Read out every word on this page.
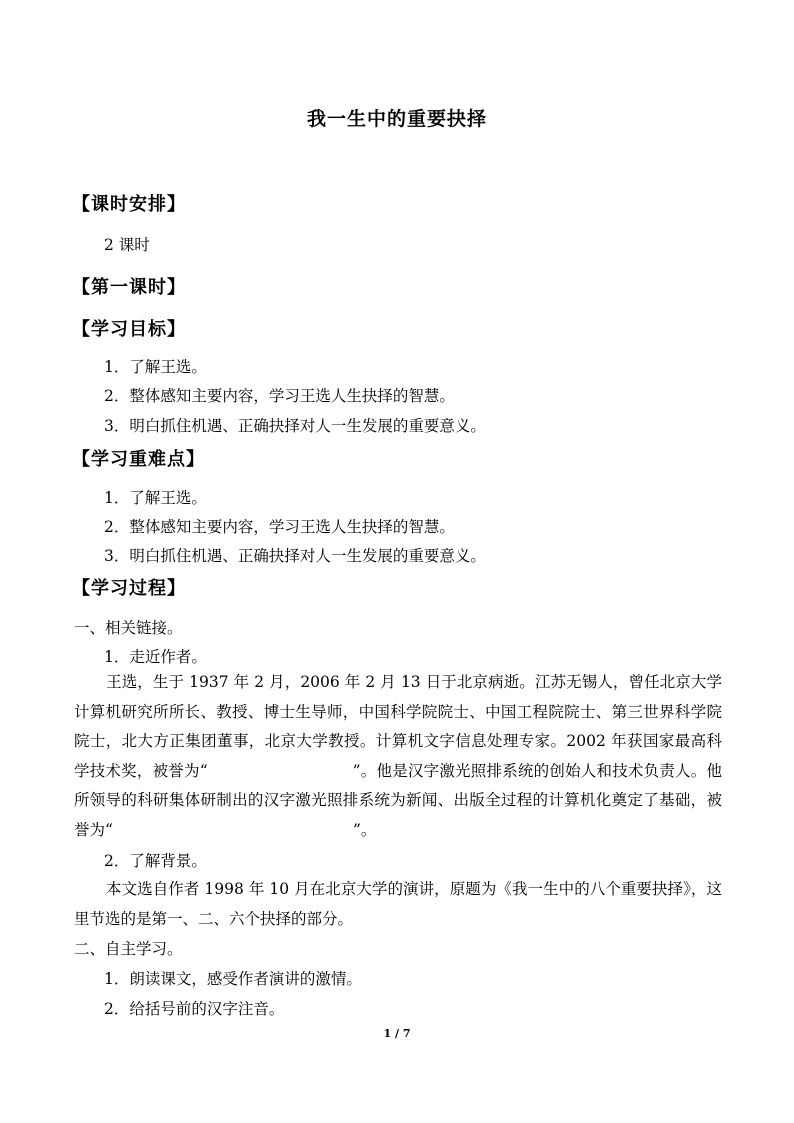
我一生中的重要抉择
【课时安排】
2 课时
【第一课时】
【学习目标】
1．了解王选。
2．整体感知主要内容，学习王选人生抉择的智慧。
3．明白抓住机遇、正确抉择对人一生发展的重要意义。
【学习重难点】
1．了解王选。
2．整体感知主要内容，学习王选人生抉择的智慧。
3．明白抓住机遇、正确抉择对人一生发展的重要意义。
【学习过程】
一、相关链接。
1．走近作者。
王选，生于 1937 年 2 月，2006 年 2 月 13 日于北京病逝。江苏无锡人，曾任北京大学计算机研究所所长、教授、博士生导师，中国科学院院士、中国工程院院士、第三世界科学院院士，北大方正集团董事，北京大学教授。计算机文字信息处理专家。2002 年获国家最高科学技术奖，被誉为“	”。他是汉字激光照排系统的创始人和技术负责人。他所领导的科研集体研制出的汉字激光照排系统为新闻、出版全过程的计算机化奠定了基础，被誉为“	”。
2．了解背景。
本文选自作者 1998 年 10 月在北京大学的演讲，原题为《我一生中的八个重要抉择》，这里节选的是第一、二、六个抉择的部分。
二、自主学习。
1．朗读课文，感受作者演讲的激情。
2．给括号前的汉字注音。
1 / 7
